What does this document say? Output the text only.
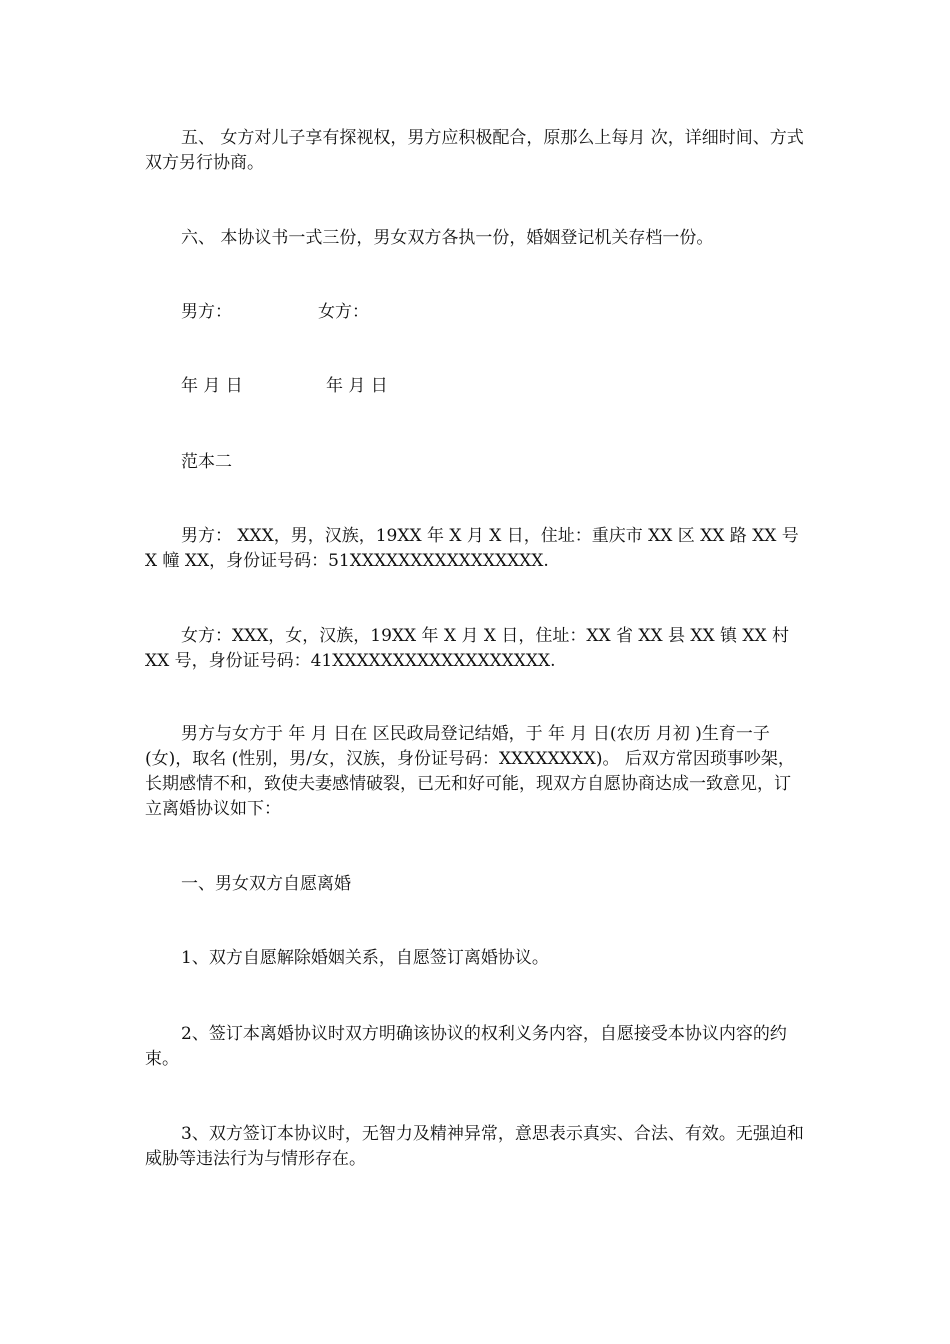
五、 女方对儿子享有探视权，男方应积极配合，原那么上每月 次，详细时间、方式双方另行协商。

六、 本协议书一式三份，男女双方各执一份，婚姻登记机关存档一份。

男方：	女方：
年 月 日	年 月 日

范本二

男方： XXX，男，汉族，19XX 年 X 月 X 日，住址：重庆市 XX 区 XX 路 XX 号 X 幢 XX，身份证号码：51XXXXXXXXXXXXXXXX.

女方：XXX，女，汉族，19XX 年 X 月 X 日，住址：XX 省 XX 县 XX 镇 XX 村 XX 号，身份证号码：41XXXXXXXXXXXXXXXXXX.

男方与女方于 年 月 日在 区民政局登记结婚，于 年 月 日(农历 月初 )生育一子(女)，取名 (性别，男/女，汉族，身份证号码：XXXXXXXX)。 后双方常因琐事吵架，长期感情不和，致使夫妻感情破裂，已无和好可能，现双方自愿协商达成一致意见，订立离婚协议如下：

一、男女双方自愿离婚

1、双方自愿解除婚姻关系，自愿签订离婚协议。

2、签订本离婚协议时双方明确该协议的权利义务内容，自愿接受本协议内容的约束。

3、双方签订本协议时，无智力及精神异常，意思表示真实、合法、有效。无强迫和威胁等违法行为与情形存在。
